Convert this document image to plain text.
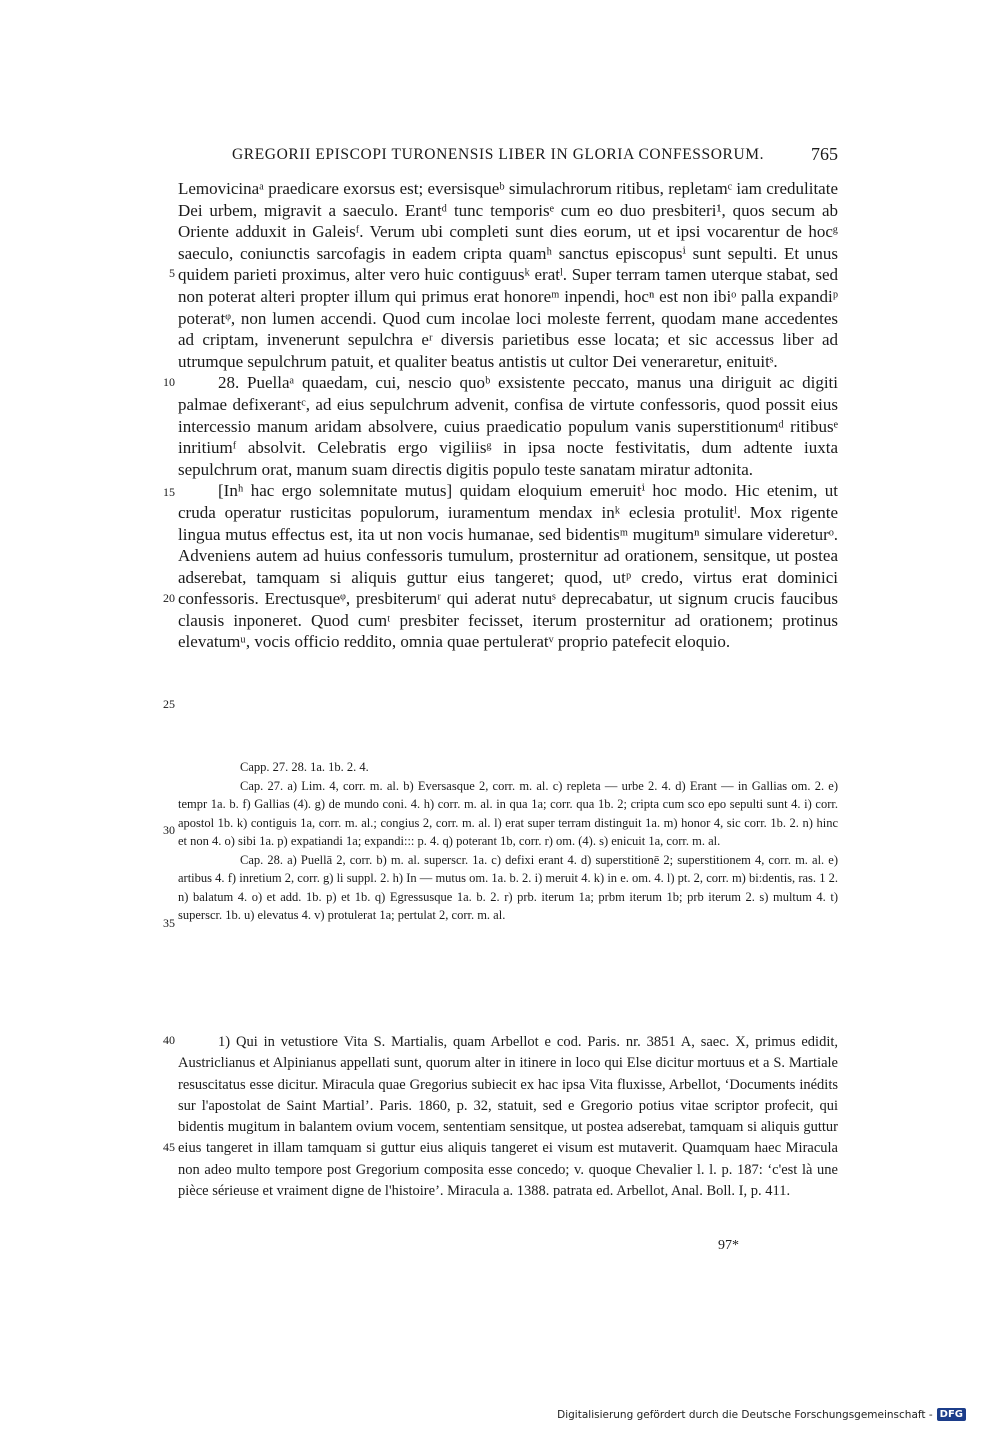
GREGORII EPISCOPI TURONENSIS LIBER IN GLORIA CONFESSORUM.	765
5
10
15
20
25
30
35
40
45

Lemovicinaᵃ praedicare exorsus est; eversisqueᵇ simulachrorum ritibus, repletamᶜ iam credulitate Dei urbem, migravit a saeculo. Erantᵈ tunc temporisᵉ cum eo duo presbiteri¹, quos secum ab Oriente adduxit in Galeisᶠ. Verum ubi completi sunt dies eorum, ut et ipsi vocarentur de hocᵍ saeculo, coniunctis sarcofagis in eadem cripta quamʰ sanctus episcopusⁱ sunt sepulti. Et unus quidem parieti proximus, alter vero huic contiguusᵏ eratˡ. Super terram tamen uterque stabat, sed non poterat alteri propter illum qui primus erat honoreᵐ inpendi, hocⁿ est non ibiᵒ palla expandiᵖ poteratᵠ, non lumen accendi. Quod cum incolae loci moleste ferrent, quodam mane accedentes ad criptam, invenerunt sepulchra eʳ diversis parietibus esse locata; et sic accessus liber ad utrumque sepulchrum patuit, et qualiter beatus antistis ut cultor Dei veneraretur, enituitˢ.

28. Puellaᵃ quaedam, cui, nescio quoᵇ exsistente peccato, manus una diriguit ac digiti palmae defixerantᶜ, ad eius sepulchrum advenit, confisa de virtute confessoris, quod possit eius intercessio manum aridam absolvere, cuius praedicatio populum vanis superstitionumᵈ ritibusᵉ inritiumᶠ absolvit. Celebratis ergo vigiliisᵍ in ipsa nocte festivitatis, dum adtente iuxta sepulchrum orat, manum suam directis digitis populo teste sanatam miratur adtonita.

[Inʰ hac ergo solemnitate mutus] quidam eloquium emeruitⁱ hoc modo. Hic etenim, ut cruda operatur rusticitas populorum, iuramentum mendax inᵏ eclesia protulitˡ. Mox rigente lingua mutus effectus est, ita ut non vocis humanae, sed bidentisᵐ mugitumⁿ simulare videreturᵒ. Adveniens autem ad huius confessoris tumulum, prosternitur ad orationem, sensitque, ut postea adserebat, tamquam si aliquis guttur eius tangeret; quod, utᵖ credo, virtus erat dominici confessoris. Erectusqueᵠ, presbiterumʳ qui aderat nutuˢ deprecabatur, ut signum crucis faucibus clausis inponeret. Quod cumᵗ presbiter fecisset, iterum prosternitur ad orationem; protinus elevatumᵘ, vocis officio reddito, omnia quae pertuleratᵛ proprio patefecit eloquio.

Capp. 27. 28. 1a. 1b. 2. 4.

Cap. 27. a) Lim. 4, corr. m. al. b) Eversasque 2, corr. m. al. c) repleta — urbe 2. 4. d) Erant — in Gallias om. 2. e) tempr 1a. b. f) Gallias (4). g) de mundo coni. 4. h) corr. m. al. in qua 1a; corr. qua 1b. 2; cripta cum sco epo sepulti sunt 4. i) corr. apostol 1b. k) contiguis 1a, corr. m. al.; congius 2, corr. m. al. l) erat super terram distinguit 1a. m) honor 4, sic corr. 1b. 2. n) hinc et non 4. o) sibi 1a. p) expatiandi 1a; expandi::: p. 4. q) poterant 1b, corr. r) om. (4). s) enicuit 1a, corr. m. al.

Cap. 28. a) Puellā 2, corr. b) m. al. superscr. 1a. c) defixi erant 4. d) superstitionē 2; superstitionem 4, corr. m. al. e) artibus 4. f) inretium 2, corr. g) li suppl. 2. h) In — mutus om. 1a. b. 2. i) meruit 4. k) in e. om. 4. l) pt. 2, corr. m) bi:dentis, ras. 1 2. n) balatum 4. o) et add. 1b. p) et 1b. q) Egressusque 1a. b. 2. r) prb. iterum 1a; prbm iterum 1b; prb iterum 2. s) multum 4. t) superscr. 1b. u) elevatus 4. v) protulerat 1a; pertulat 2, corr. m. al.

1) Qui in vetustiore Vita S. Martialis, quam Arbellot e cod. Paris. nr. 3851 A, saec. X, primus edidit, Austriclianus et Alpinianus appellati sunt, quorum alter in itinere in loco qui Else dicitur mortuus et a S. Martiale resuscitatus esse dicitur. Miracula quae Gregorius subiecit ex hac ipsa Vita fluxisse, Arbellot, ‘Documents inédits sur l'apostolat de Saint Martial’. Paris. 1860, p. 32, statuit, sed e Gregorio potius vitae scriptor profecit, qui bidentis mugitum in balantem ovium vocem, sententiam sensitque, ut postea adserebat, tamquam si aliquis guttur eius tangeret in illam tamquam si guttur eius aliquis tangeret ei visum est mutaverit. Quamquam haec Miracula non adeo multo tempore post Gregorium composita esse concedo; v. quoque Chevalier l. l. p. 187: ‘c'est là une pièce sérieuse et vraiment digne de l'histoire’. Miracula a. 1388. patrata ed. Arbellot, Anal. Boll. I, p. 411.

97*
Digitalisierung gefördert durch die Deutsche Forschungsgemeinschaft - DFG
